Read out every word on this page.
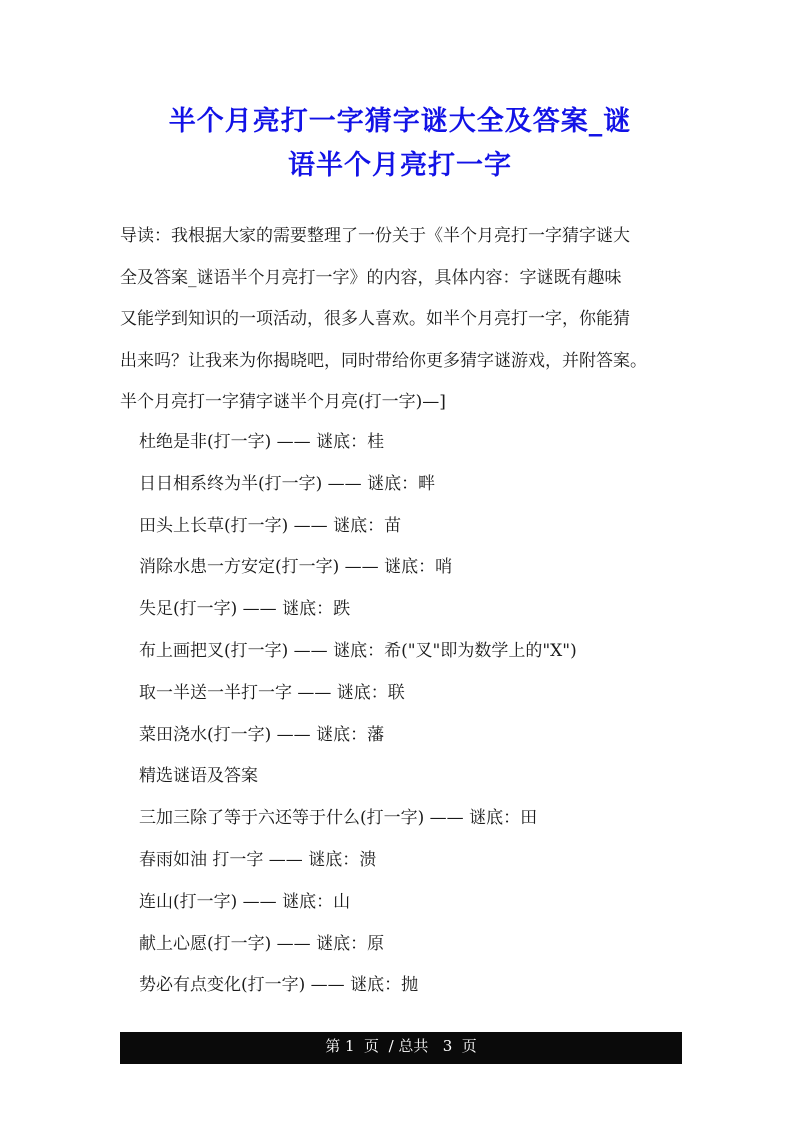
半个月亮打一字猜字谜大全及答案_谜
语半个月亮打一字

导读：我根据大家的需要整理了一份关于《半个月亮打一字猜字谜大

全及答案_谜语半个月亮打一字》的内容，具体内容：字谜既有趣味

又能学到知识的一项活动，很多人喜欢。如半个月亮打一字，你能猜

出来吗？让我来为你揭晓吧，同时带给你更多猜字谜游戏，并附答案。

半个月亮打一字猜字谜半个月亮(打一字)—]

杜绝是非(打一字) —— 谜底：桂
日日相系终为半(打一字) —— 谜底：畔
田头上长草(打一字) —— 谜底：苗
消除水患一方安定(打一字) —— 谜底：哨
失足(打一字) —— 谜底：跌
布上画把叉(打一字) —— 谜底：希("叉"即为数学上的"X")
取一半送一半打一字 —— 谜底：联
菜田浇水(打一字) —— 谜底：藩
精选谜语及答案
三加三除了等于六还等于什么(打一字) —— 谜底：田
春雨如油 打一字 —— 谜底：溃
连山(打一字) —— 谜底：山
献上心愿(打一字) —— 谜底：原
势必有点变化(打一字) —— 谜底：抛
第 1  页  / 总共   3  页
